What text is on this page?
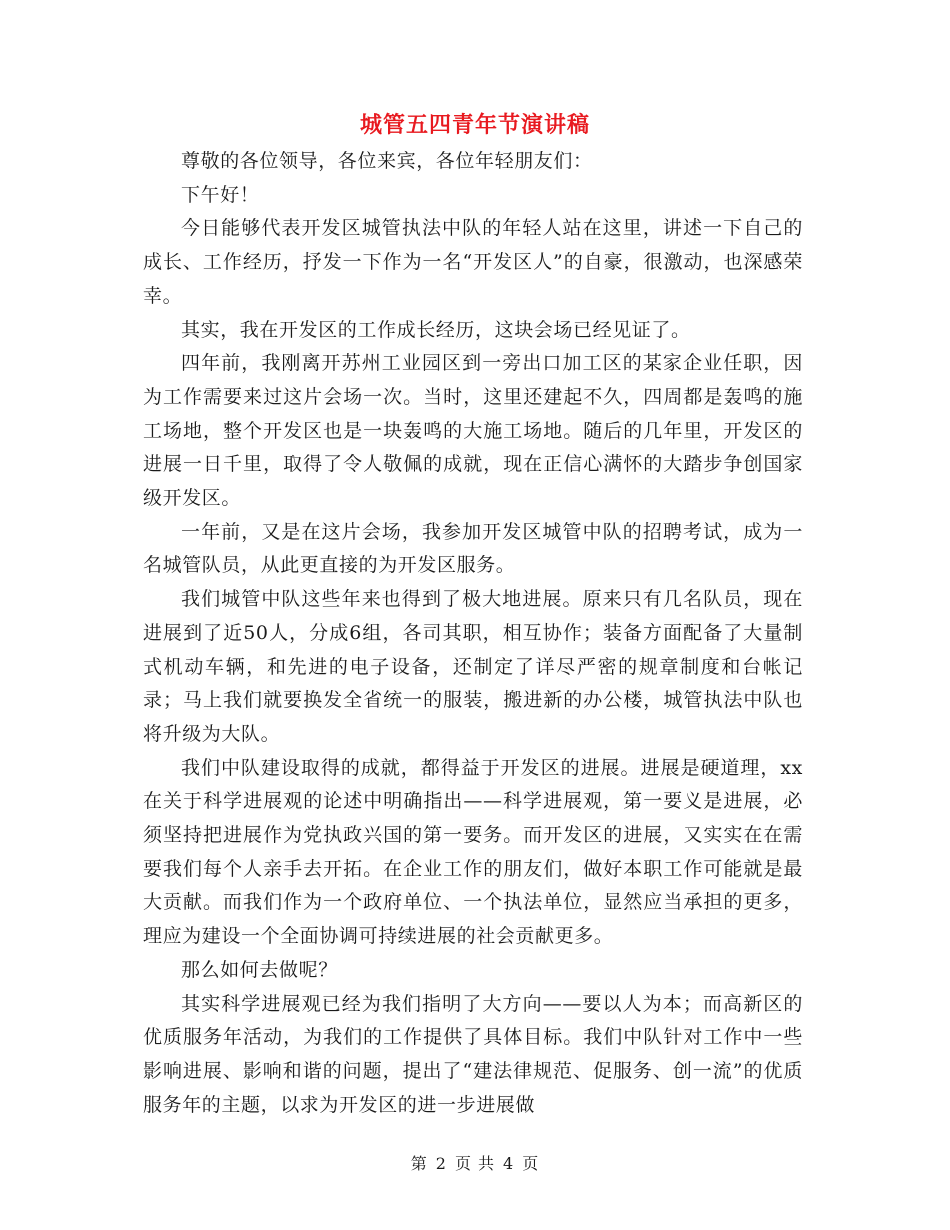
城管五四青年节演讲稿

尊敬的各位领导，各位来宾，各位年轻朋友们：

下午好！

今日能够代表开发区城管执法中队的年轻人站在这里，讲述一下自己的成长、工作经历，抒发一下作为一名“开发区人”的自豪，很激动，也深感荣幸。

其实，我在开发区的工作成长经历，这块会场已经见证了。

四年前，我刚离开苏州工业园区到一旁出口加工区的某家企业任职，因为工作需要来过这片会场一次。当时，这里还建起不久，四周都是轰鸣的施工场地，整个开发区也是一块轰鸣的大施工场地。随后的几年里，开发区的进展一日千里，取得了令人敬佩的成就，现在正信心满怀的大踏步争创国家级开发区。

一年前，又是在这片会场，我参加开发区城管中队的招聘考试，成为一名城管队员，从此更直接的为开发区服务。

我们城管中队这些年来也得到了极大地进展。原来只有几名队员，现在进展到了近50人，分成6组，各司其职，相互协作；装备方面配备了大量制式机动车辆，和先进的电子设备，还制定了详尽严密的规章制度和台帐记录；马上我们就要换发全省统一的服装，搬进新的办公楼，城管执法中队也将升级为大队。

我们中队建设取得的成就，都得益于开发区的进展。进展是硬道理，xx在关于科学进展观的论述中明确指出——科学进展观，第一要义是进展，必须坚持把进展作为党执政兴国的第一要务。而开发区的进展，又实实在在需要我们每个人亲手去开拓。在企业工作的朋友们，做好本职工作可能就是最大贡献。而我们作为一个政府单位、一个执法单位，显然应当承担的更多，理应为建设一个全面协调可持续进展的社会贡献更多。

那么如何去做呢？

其实科学进展观已经为我们指明了大方向——要以人为本；而高新区的优质服务年活动，为我们的工作提供了具体目标。我们中队针对工作中一些影响进展、影响和谐的问题，提出了“建法律规范、促服务、创一流”的优质服务年的主题，以求为开发区的进一步进展做

第 2 页 共 4 页
